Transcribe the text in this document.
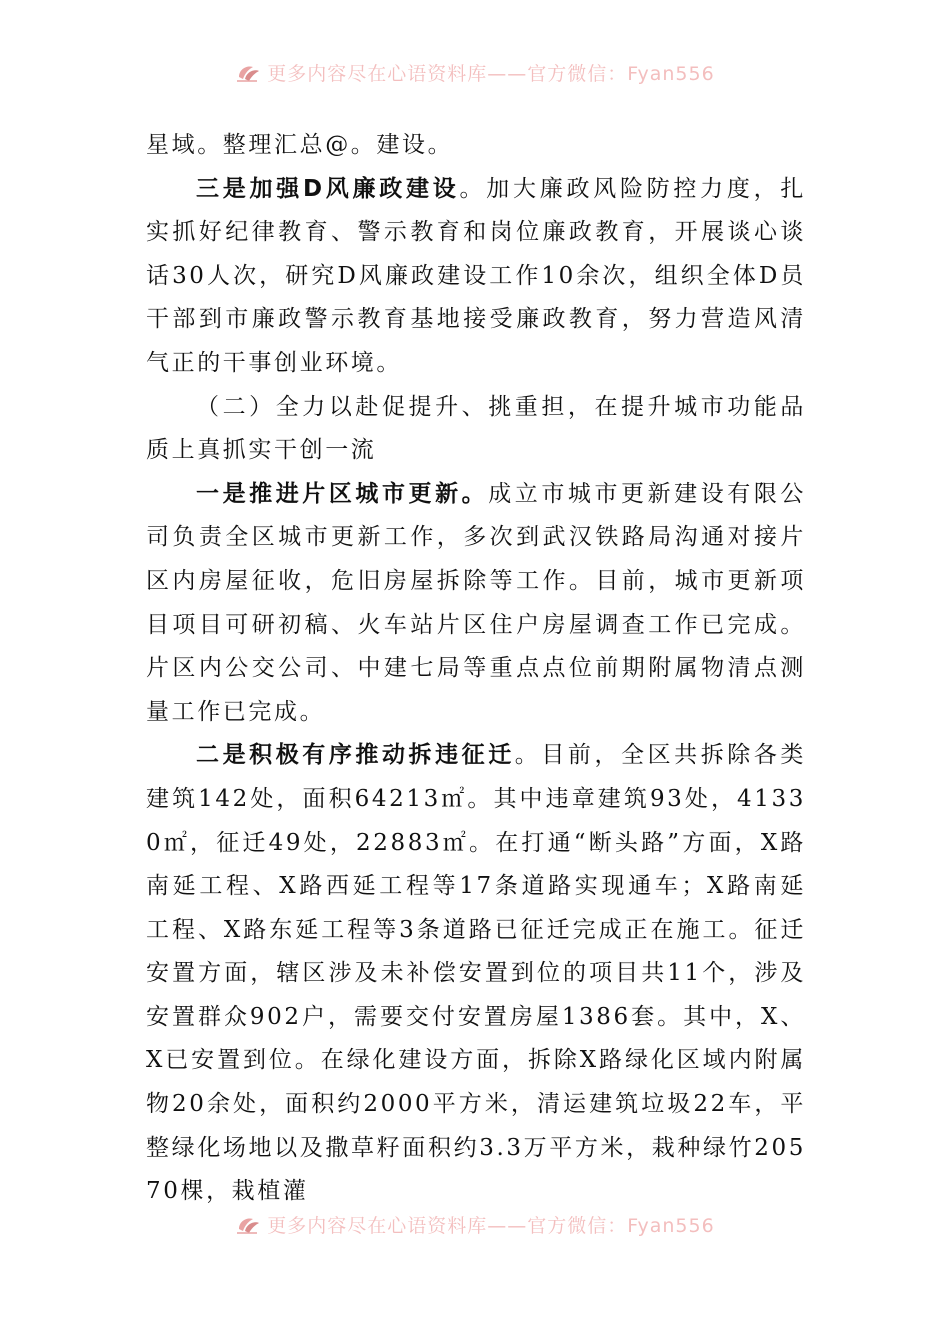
更多内容尽在心语资料库——官方微信：Fyan556

星域。整理汇总@。建设。

三是加强D风廉政建设。加大廉政风险防控力度，扎实抓好纪律教育、警示教育和岗位廉政教育，开展谈心谈话30人次，研究D风廉政建设工作10余次，组织全体D员干部到市廉政警示教育基地接受廉政教育，努力营造风清气正的干事创业环境。

（二）全力以赴促提升、挑重担，在提升城市功能品质上真抓实干创一流

一是推进片区城市更新。成立市城市更新建设有限公司负责全区城市更新工作，多次到武汉铁路局沟通对接片区内房屋征收，危旧房屋拆除等工作。目前，城市更新项目项目可研初稿、火车站片区住户房屋调查工作已完成。片区内公交公司、中建七局等重点点位前期附属物清点测量工作已完成。

二是积极有序推动拆违征迁。目前，全区共拆除各类建筑142处，面积64213㎡。其中违章建筑93处，41330㎡，征迁49处，22883㎡。在打通“断头路”方面，X路南延工程、X路西延工程等17条道路实现通车；X路南延工程、X路东延工程等3条道路已征迁完成正在施工。征迁安置方面，辖区涉及未补偿安置到位的项目共11个，涉及安置群众902户，需要交付安置房屋1386套。其中，X、X已安置到位。在绿化建设方面，拆除X路绿化区域内附属物20余处，面积约2000平方米，清运建筑垃圾22车，平整绿化场地以及撒草籽面积约3.3万平方米，栽种绿竹20570棵，栽植灌

更多内容尽在心语资料库——官方微信：Fyan556
